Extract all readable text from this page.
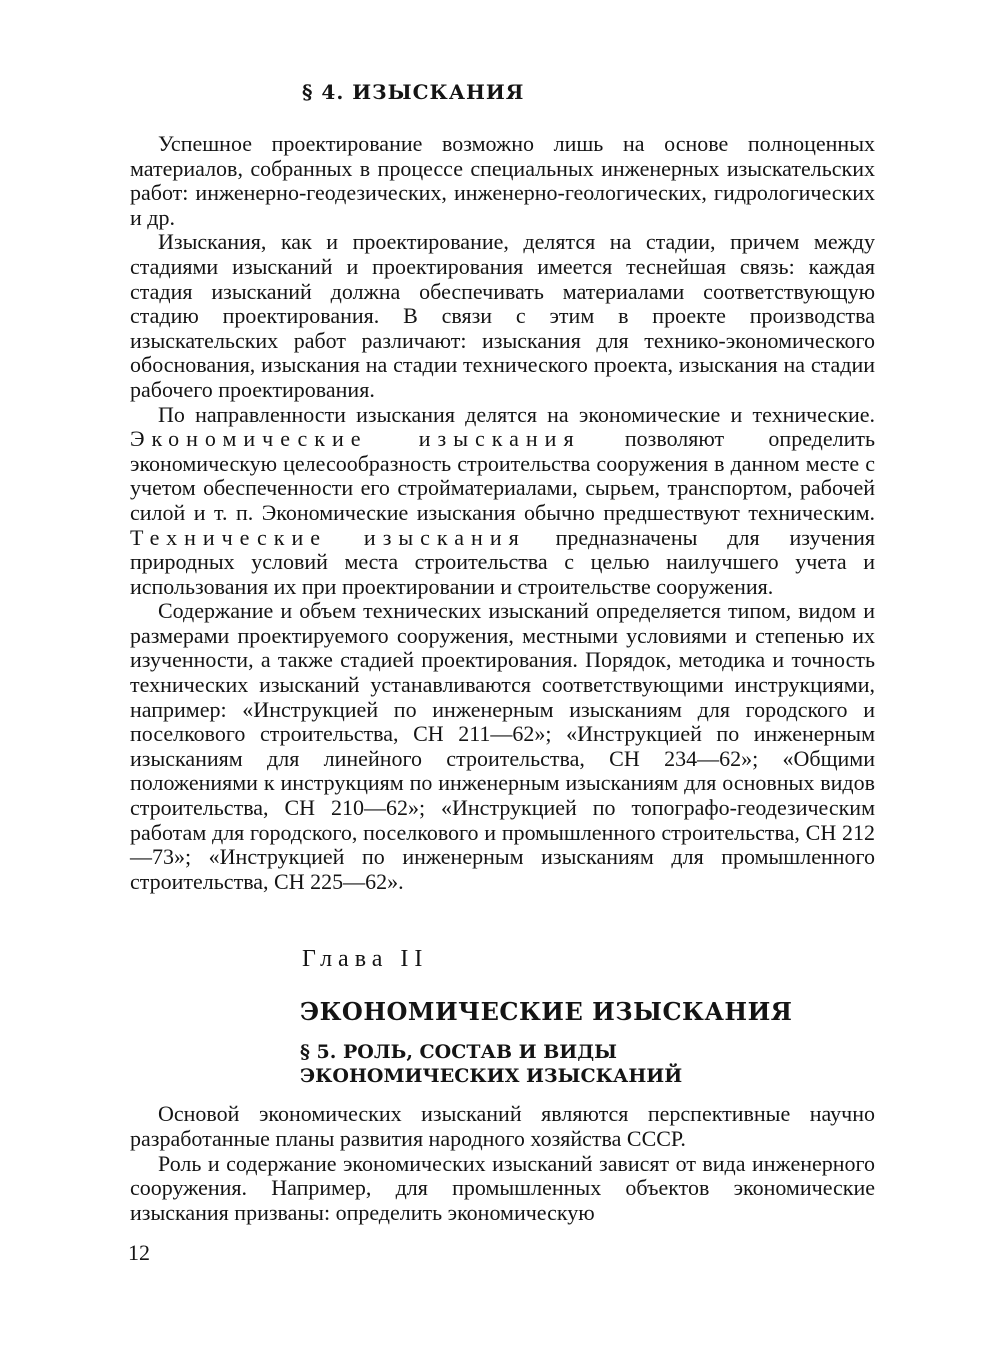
§ 4. ИЗЫСКАНИЯ

Успешное проектирование возможно лишь на основе полноценных материалов, собранных в процессе специальных инженерных изыскательских работ: инженерно-геодезических, инженерно-геологических, гидрологических и др.

Изыскания, как и проектирование, делятся на стадии, причем между стадиями изысканий и проектирования имеется теснейшая связь: каждая стадия изысканий должна обеспечивать материалами соответствующую стадию проектирования. В связи с этим в проекте производства изыскательских работ различают: изыскания для технико-экономического обоснования, изыскания на стадии технического проекта, изыскания на стадии рабочего проектирования.

По направленности изыскания делятся на экономические и технические. Экономические изыскания позволяют определить экономическую целесообразность строительства сооружения в данном месте с учетом обеспеченности его стройматериалами, сырьем, транспортом, рабочей силой и т. п. Экономические изыскания обычно предшествуют техническим. Технические изыскания предназначены для изучения природных условий места строительства с целью наилучшего учета и использования их при проектировании и строительстве сооружения.

Содержание и объем технических изысканий определяется типом, видом и размерами проектируемого сооружения, местными условиями и степенью их изученности, а также стадией проектирования. Порядок, методика и точность технических изысканий устанавливаются соответствующими инструкциями, например: «Инструкцией по инженерным изысканиям для городского и поселкового строительства, СН 211—62»; «Инструкцией по инженерным изысканиям для линейного строительства, СН 234—62»; «Общими положениями к инструкциям по инженерным изысканиям для основных видов строительства, СН 210—62»; «Инструкцией по топографо-геодезическим работам для городского, поселкового и промышленного строительства, СН 212—73»; «Инструкцией по инженерным изысканиям для промышленного строительства, СН 225—62».

Глава II
ЭКОНОМИЧЕСКИЕ ИЗЫСКАНИЯ
§ 5. РОЛЬ, СОСТАВ И ВИДЫ
ЭКОНОМИЧЕСКИХ ИЗЫСКАНИЙ

Основой экономических изысканий являются перспективные научно разработанные планы развития народного хозяйства СССР.

Роль и содержание экономических изысканий зависят от вида инженерного сооружения. Например, для промышленных объектов экономические изыскания призваны: определить экономическую

12
